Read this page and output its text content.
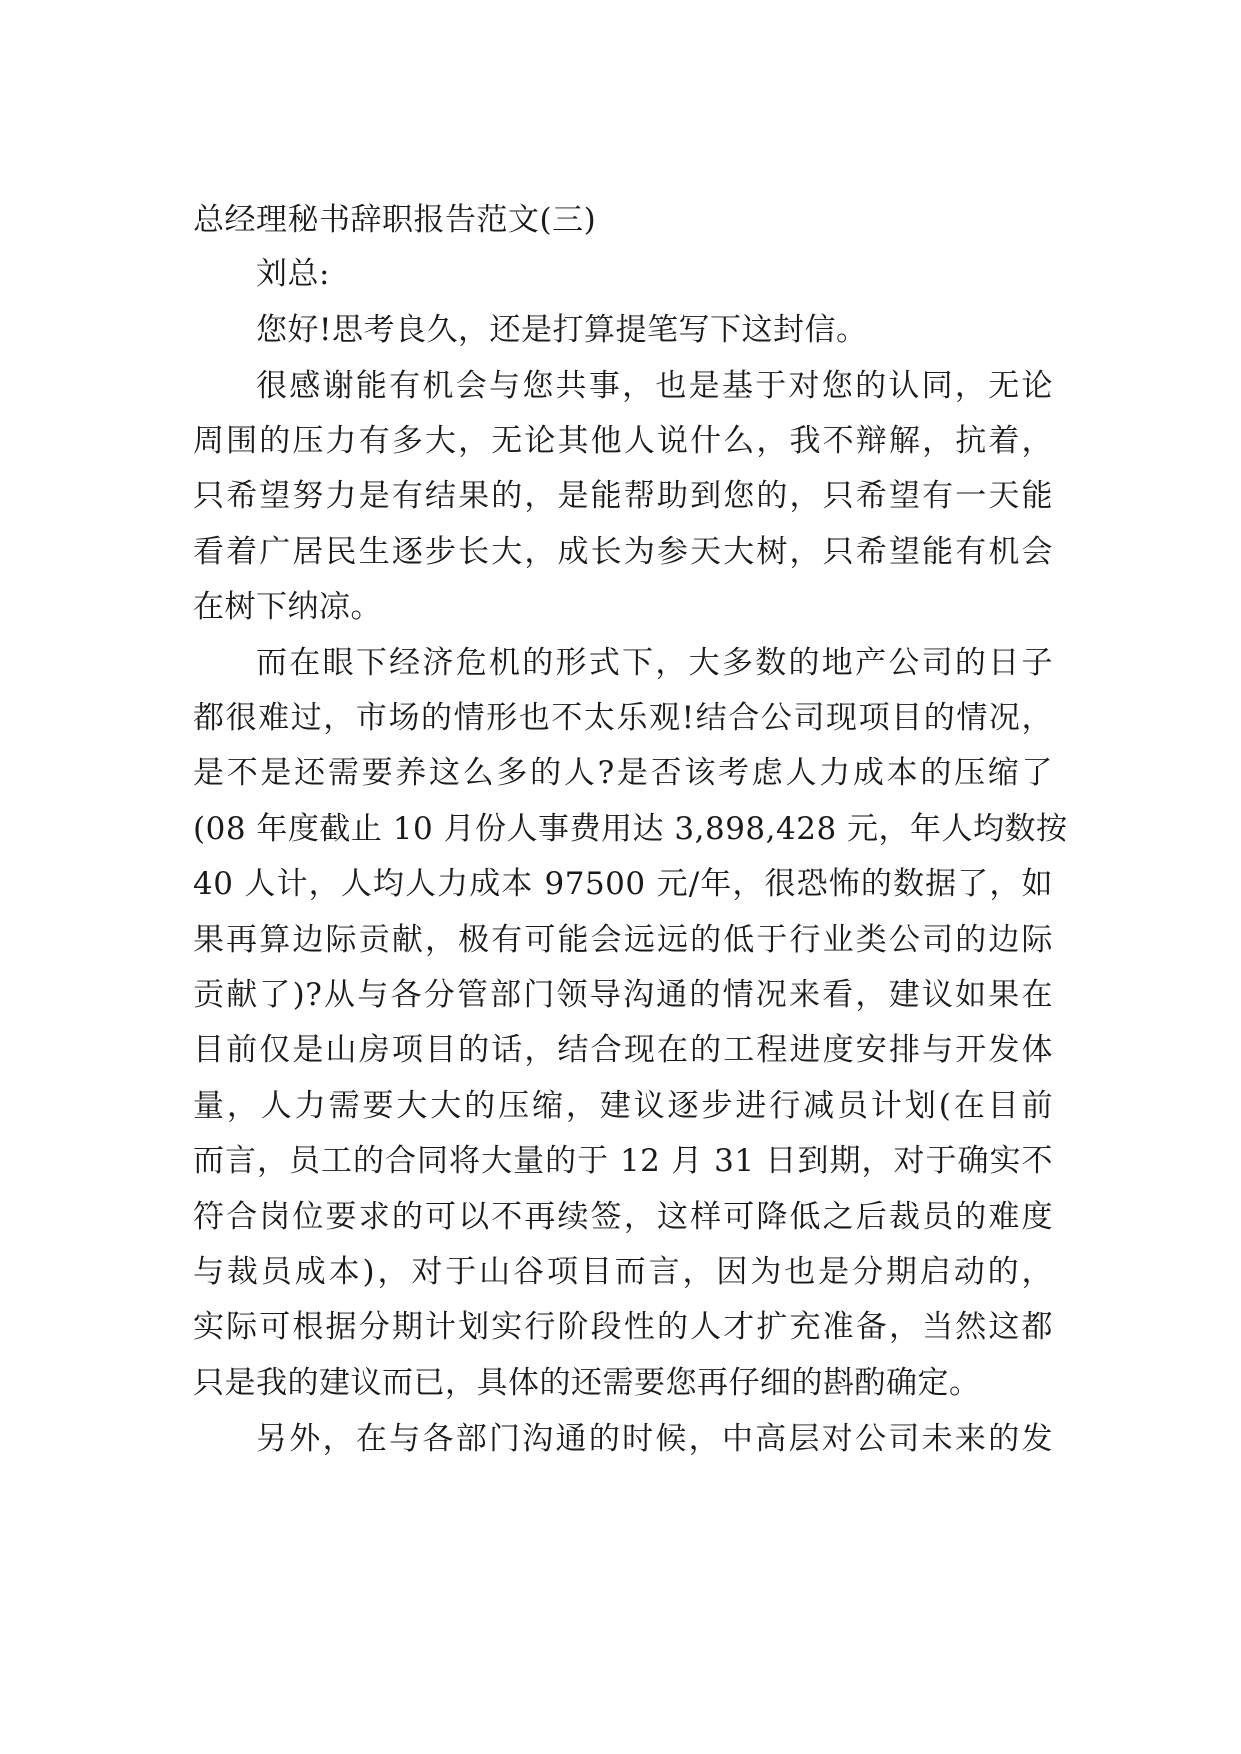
总经理秘书辞职报告范文(三)
刘总:
您好!思考良久，还是打算提笔写下这封信。
很感谢能有机会与您共事，也是基于对您的认同，无论
周围的压力有多大，无论其他人说什么，我不辩解，抗着，
只希望努力是有结果的，是能帮助到您的，只希望有一天能
看着广居民生逐步长大，成长为参天大树，只希望能有机会
在树下纳凉。
而在眼下经济危机的形式下，大多数的地产公司的日子
都很难过，市场的情形也不太乐观!结合公司现项目的情况，
是不是还需要养这么多的人?是否该考虑人力成本的压缩了
(08 年度截止 10 月份人事费用达 3,898,428 元，年人均数按
40 人计，人均人力成本 97500 元/年，很恐怖的数据了，如
果再算边际贡献，极有可能会远远的低于行业类公司的边际
贡献了)?从与各分管部门领导沟通的情况来看，建议如果在
目前仅是山房项目的话，结合现在的工程进度安排与开发体
量，人力需要大大的压缩，建议逐步进行减员计划(在目前
而言，员工的合同将大量的于 12 月 31 日到期，对于确实不
符合岗位要求的可以不再续签，这样可降低之后裁员的难度
与裁员成本)，对于山谷项目而言，因为也是分期启动的，
实际可根据分期计划实行阶段性的人才扩充准备，当然这都
只是我的建议而已，具体的还需要您再仔细的斟酌确定。
另外，在与各部门沟通的时候，中高层对公司未来的发
